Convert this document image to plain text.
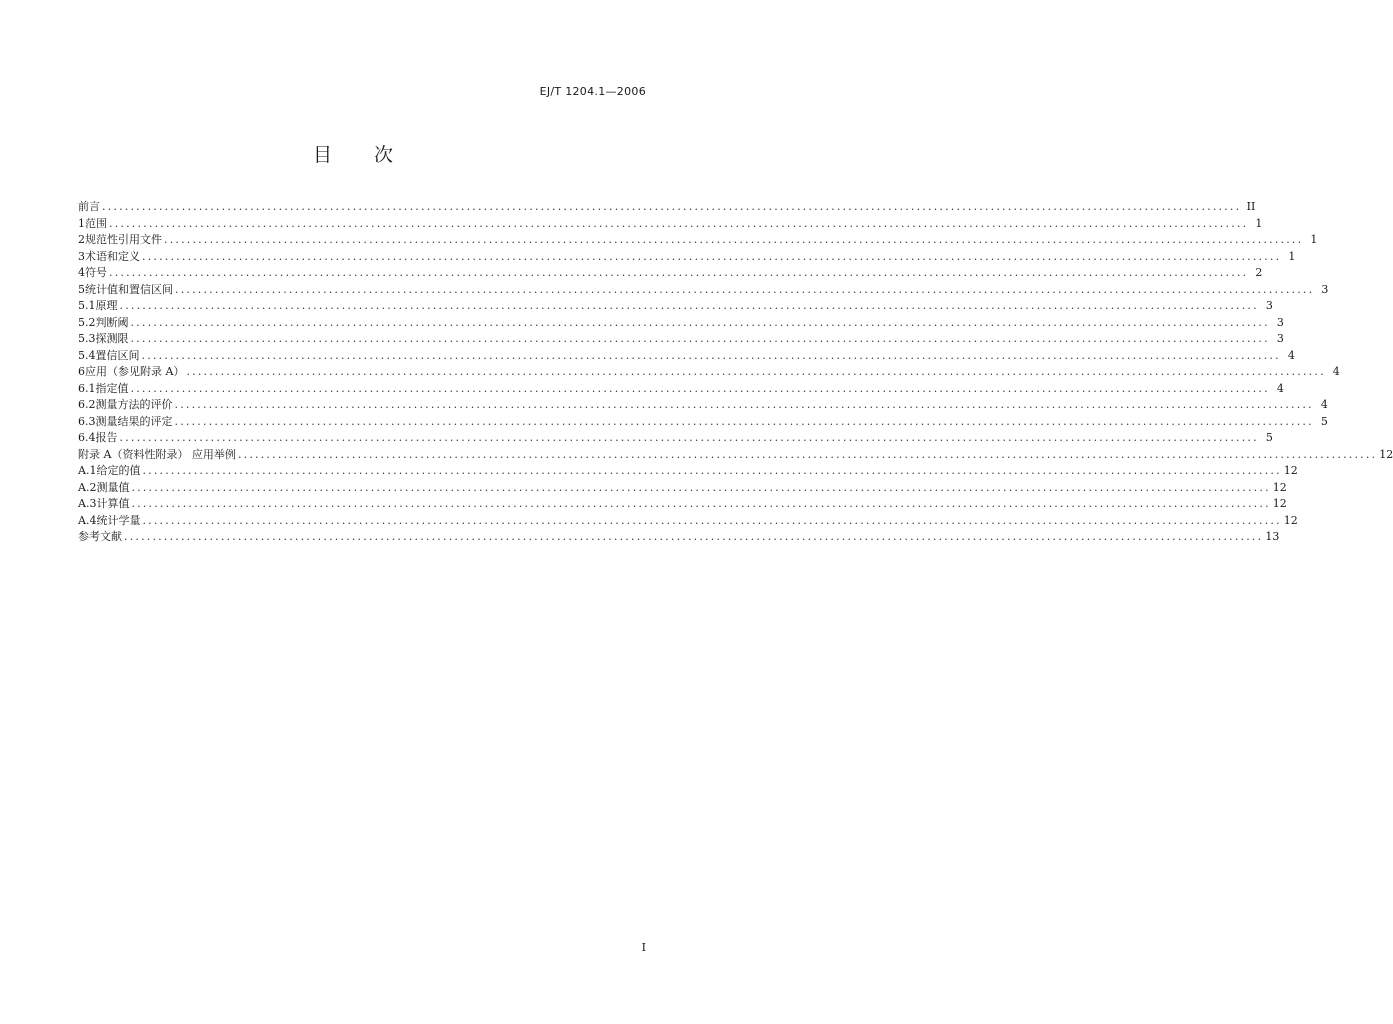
EJ/T 1204.1—2006
目 次
前言 ........................................................................................................................................................................................................ II
1 范围 ........................................................................................................................................................................................................ 1
2 规范性引用文件 ........................................................................................................................................................................................................ 1
3 术语和定义 ........................................................................................................................................................................................................ 1
4 符号 ........................................................................................................................................................................................................ 2
5 统计值和置信区间 ........................................................................................................................................................................................................ 3
5.1 原理 ........................................................................................................................................................................................................ 3
5.2 判断阈 ........................................................................................................................................................................................................ 3
5.3 探测限 ........................................................................................................................................................................................................ 3
5.4 置信区间 ........................................................................................................................................................................................................ 4
6 应用（参见附录 A） ........................................................................................................................................................................................................ 4
6.1 指定值 ........................................................................................................................................................................................................ 4
6.2 测量方法的评价 ........................................................................................................................................................................................................ 4
6.3 测量结果的评定 ........................................................................................................................................................................................................ 5
6.4 报告 ........................................................................................................................................................................................................ 5
附录 A（资料性附录） 应用举例 ........................................................................................................................................................................................................ 12
A.1 给定的值 ........................................................................................................................................................................................................ 12
A.2 测量值 ........................................................................................................................................................................................................ 12
A.3 计算值 ........................................................................................................................................................................................................ 12
A.4 统计学量 ........................................................................................................................................................................................................ 12
参考文献 ........................................................................................................................................................................................................ 13
I
